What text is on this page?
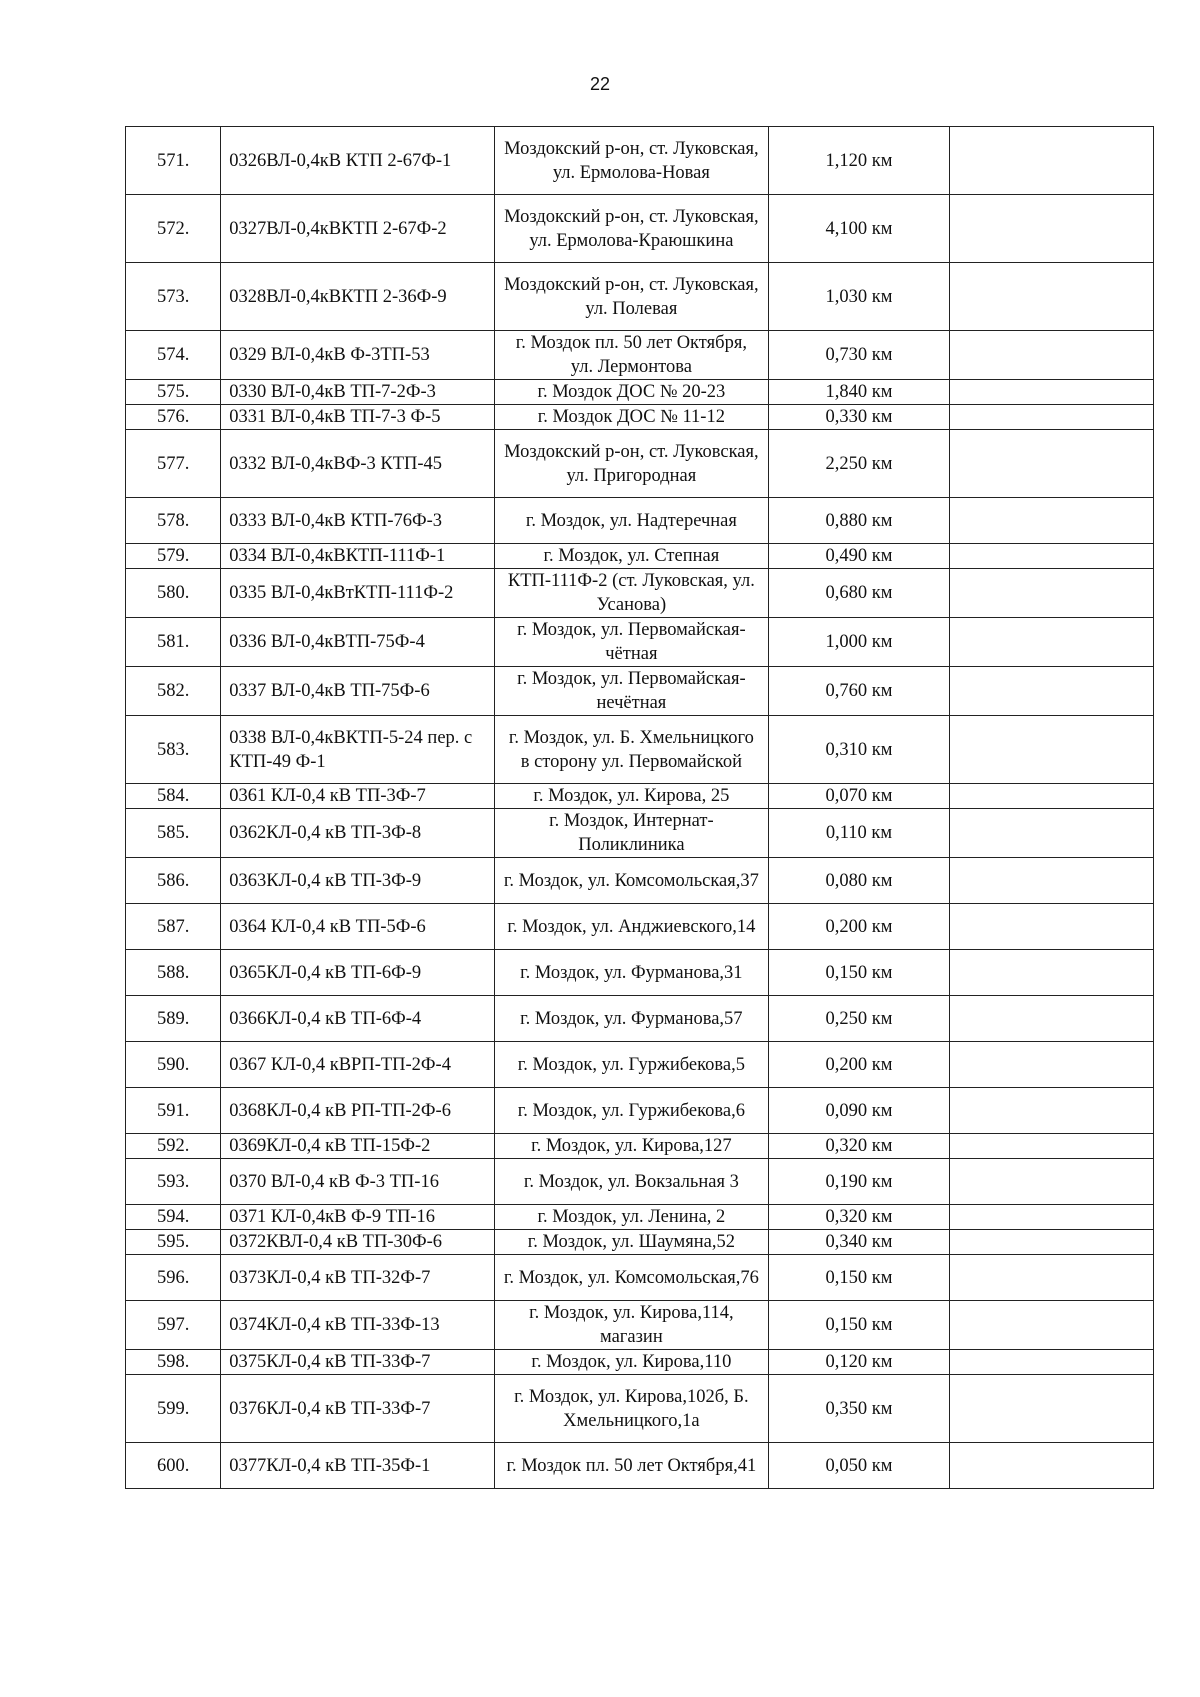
22
571.	0326ВЛ-0,4кВ КТП 2-67Ф-1	Моздокский р-он, ст. Луковская, ул. Ермолова-Новая	1,120 км	
572.	0327ВЛ-0,4кВКТП 2-67Ф-2	Моздокский р-он, ст. Луковская, ул. Ермолова-Краюшкина	4,100 км	
573.	0328ВЛ-0,4кВКТП 2-36Ф-9	Моздокский р-он, ст. Луковская, ул. Полевая	1,030 км	
574.	0329 ВЛ-0,4кВ Ф-3ТП-53	г. Моздок пл. 50 лет Октября, ул. Лермонтова	0,730 км	
575.	0330 ВЛ-0,4кВ ТП-7-2Ф-3	г. Моздок ДОС № 20-23	1,840 км	
576.	0331 ВЛ-0,4кВ ТП-7-3 Ф-5	г. Моздок ДОС № 11-12	0,330 км	
577.	0332 ВЛ-0,4кВФ-3 КТП-45	Моздокский р-он, ст. Луковская, ул. Пригородная	2,250 км	
578.	0333 ВЛ-0,4кВ КТП-76Ф-3	г. Моздок, ул. Надтеречная	0,880 км	
579.	0334 ВЛ-0,4кВКТП-111Ф-1	г. Моздок, ул. Степная	0,490 км	
580.	0335 ВЛ-0,4кВтКТП-111Ф-2	КТП-111Ф-2 (ст. Луковская, ул. Усанова)	0,680 км	
581.	0336 ВЛ-0,4кВТП-75Ф-4	г. Моздок, ул. Первомайская-чётная	1,000 км	
582.	0337 ВЛ-0,4кВ ТП-75Ф-6	г. Моздок, ул. Первомайская-нечётная	0,760 км	
583.	0338 ВЛ-0,4кВКТП-5-24 пер. с КТП-49 Ф-1	г. Моздок, ул. Б. Хмельницкого в сторону ул. Первомайской	0,310 км	
584.	0361 КЛ-0,4 кВ ТП-3Ф-7	г. Моздок, ул. Кирова, 25	0,070 км	
585.	0362КЛ-0,4 кВ ТП-3Ф-8	г. Моздок, Интернат-Поликлиника	0,110 км	
586.	0363КЛ-0,4 кВ ТП-3Ф-9	г. Моздок, ул. Комсомольская,37	0,080 км	
587.	0364 КЛ-0,4 кВ ТП-5Ф-6	г. Моздок, ул. Анджиевского,14	0,200 км	
588.	0365КЛ-0,4 кВ ТП-6Ф-9	г. Моздок, ул. Фурманова,31	0,150 км	
589.	0366КЛ-0,4 кВ ТП-6Ф-4	г. Моздок, ул. Фурманова,57	0,250 км	
590.	0367 КЛ-0,4 кВРП-ТП-2Ф-4	г. Моздок, ул. Гуржибекова,5	0,200 км	
591.	0368КЛ-0,4 кВ РП-ТП-2Ф-6	г. Моздок, ул. Гуржибекова,6	0,090 км	
592.	0369КЛ-0,4 кВ ТП-15Ф-2	г. Моздок, ул. Кирова,127	0,320 км	
593.	0370 ВЛ-0,4 кВ Ф-3 ТП-16	г. Моздок, ул. Вокзальная 3	0,190 км	
594.	0371 КЛ-0,4кВ Ф-9 ТП-16	г. Моздок, ул. Ленина, 2	0,320 км	
595.	0372КВЛ-0,4 кВ ТП-30Ф-6	г. Моздок, ул. Шаумяна,52	0,340 км	
596.	0373КЛ-0,4 кВ ТП-32Ф-7	г. Моздок, ул. Комсомольская,76	0,150 км	
597.	0374КЛ-0,4 кВ ТП-33Ф-13	г. Моздок, ул. Кирова,114, магазин	0,150 км	
598.	0375КЛ-0,4 кВ ТП-33Ф-7	г. Моздок, ул. Кирова,110	0,120 км	
599.	0376КЛ-0,4 кВ ТП-33Ф-7	г. Моздок, ул. Кирова,102б, Б. Хмельницкого,1а	0,350 км	
600.	0377КЛ-0,4 кВ ТП-35Ф-1	г. Моздок пл. 50 лет Октября,41	0,050 км	
